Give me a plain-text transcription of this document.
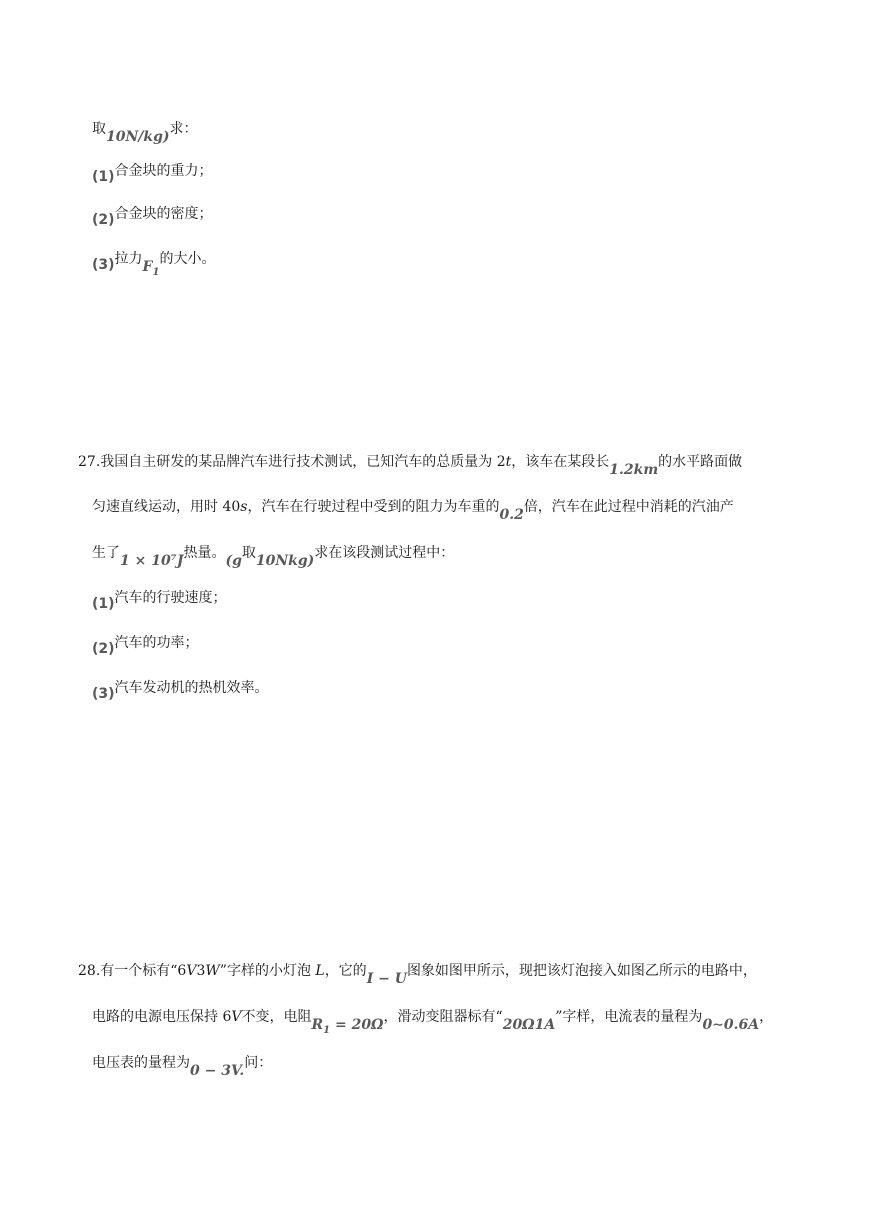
取10N/kg)求：
(1)合金块的重力；
(2)合金块的密度；
(3)拉力$F_1$的大小。
27.我国自主研发的某品牌汽车进行技术测试，已知汽车的总质量为 2t，该车在某段长1.2km的水平路面做
匀速直线运动，用时 40s，汽车在行驶过程中受到的阻力为车重的0.2倍，汽车在此过程中消耗的汽油产
生了1 × 10⁷J热量。(g取10Nkg)求在该段测试过程中：
(1)汽车的行驶速度；
(2)汽车的功率；
(3)汽车发动机的热机效率。
28.有一个标有“6V3W”字样的小灯泡 L，它的I − U图象如图甲所示，现把该灯泡接入如图乙所示的电路中，
电路的电源电压保持 6V不变，电阻$R_1 = 20\Omega$，滑动变阻器标有“20Ω1A”字样，电流表的量程为0∼0.6A，
电压表的量程为0 − 3V.问：
